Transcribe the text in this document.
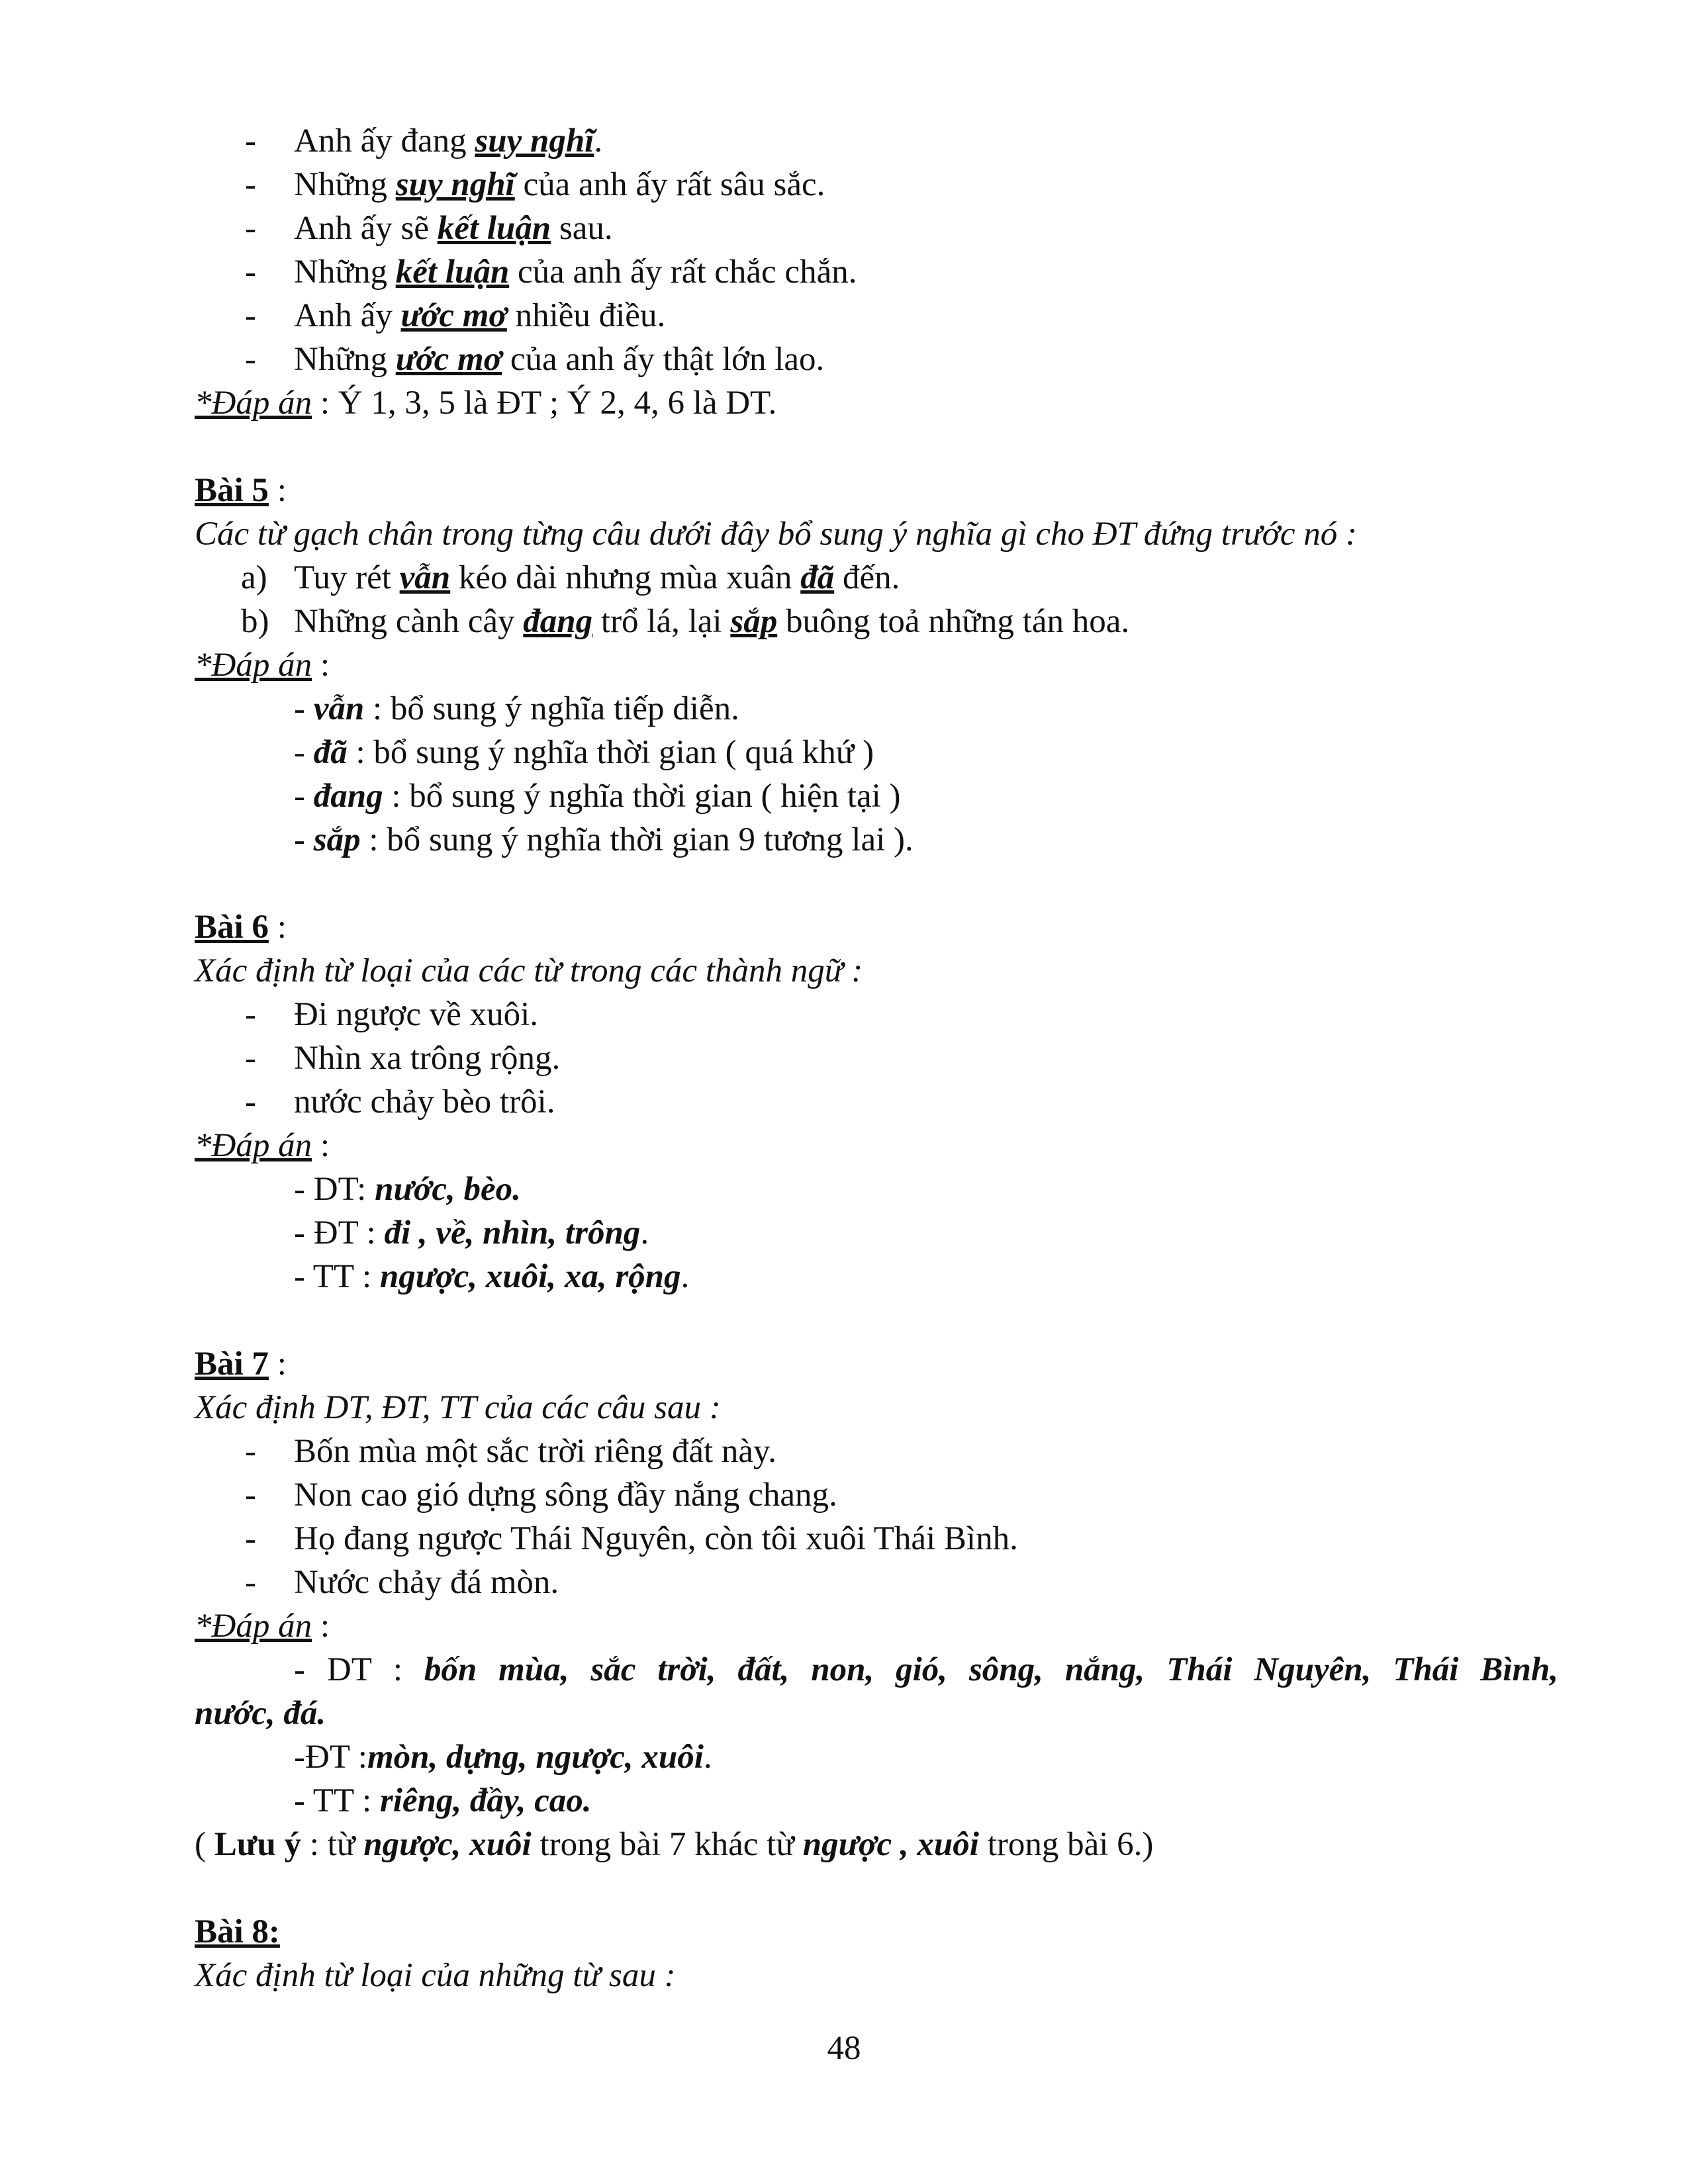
- Anh ấy đang suy nghĩ.
- Những suy nghĩ của anh ấy rất sâu sắc.
- Anh ấy sẽ kết luận sau.
- Những kết luận của anh ấy rất chắc chắn.
- Anh ấy ước mơ nhiều điều.
- Những ước mơ của anh ấy thật lớn lao.
*Đáp án : Ý 1, 3, 5 là ĐT ; Ý 2, 4, 6 là DT.
Bài 5 :
Các từ gạch chân trong từng câu dưới đây bổ sung ý nghĩa gì cho ĐT đứng trước nó :
a) Tuy rét vẫn kéo dài nhưng mùa xuân đã đến.
b) Những cành cây đang trổ lá, lại sắp buông toả những tán hoa.
*Đáp án :
- vẫn : bổ sung ý nghĩa tiếp diễn.
- đã : bổ sung ý nghĩa thời gian ( quá khứ )
- đang : bổ sung ý nghĩa thời gian ( hiện tại )
- sắp : bổ sung ý nghĩa thời gian 9 tương lai ).
Bài 6 :
Xác định từ loại của các từ trong các thành ngữ :
- Đi ngược về xuôi.
- Nhìn xa trông rộng.
- nước chảy bèo trôi.
*Đáp án :
- DT: nước, bèo.
- ĐT : đi , về, nhìn, trông.
- TT : ngược, xuôi, xa, rộng.
Bài 7 :
Xác định DT, ĐT, TT của các câu sau :
- Bốn mùa một sắc trời riêng đất này.
- Non cao gió dựng sông đầy nắng chang.
- Họ đang ngược Thái Nguyên, còn tôi xuôi Thái Bình.
- Nước chảy đá mòn.
*Đáp án :
- DT : bốn mùa, sắc trời, đất, non, gió, sông, nắng, Thái Nguyên, Thái Bình,
nước, đá.
-ĐT :mòn, dựng, ngược, xuôi.
- TT : riêng, đầy, cao.
( Lưu ý : từ ngược, xuôi trong bài 7 khác từ ngược , xuôi trong bài 6.)
Bài 8:
Xác định từ loại của những từ sau :
48
